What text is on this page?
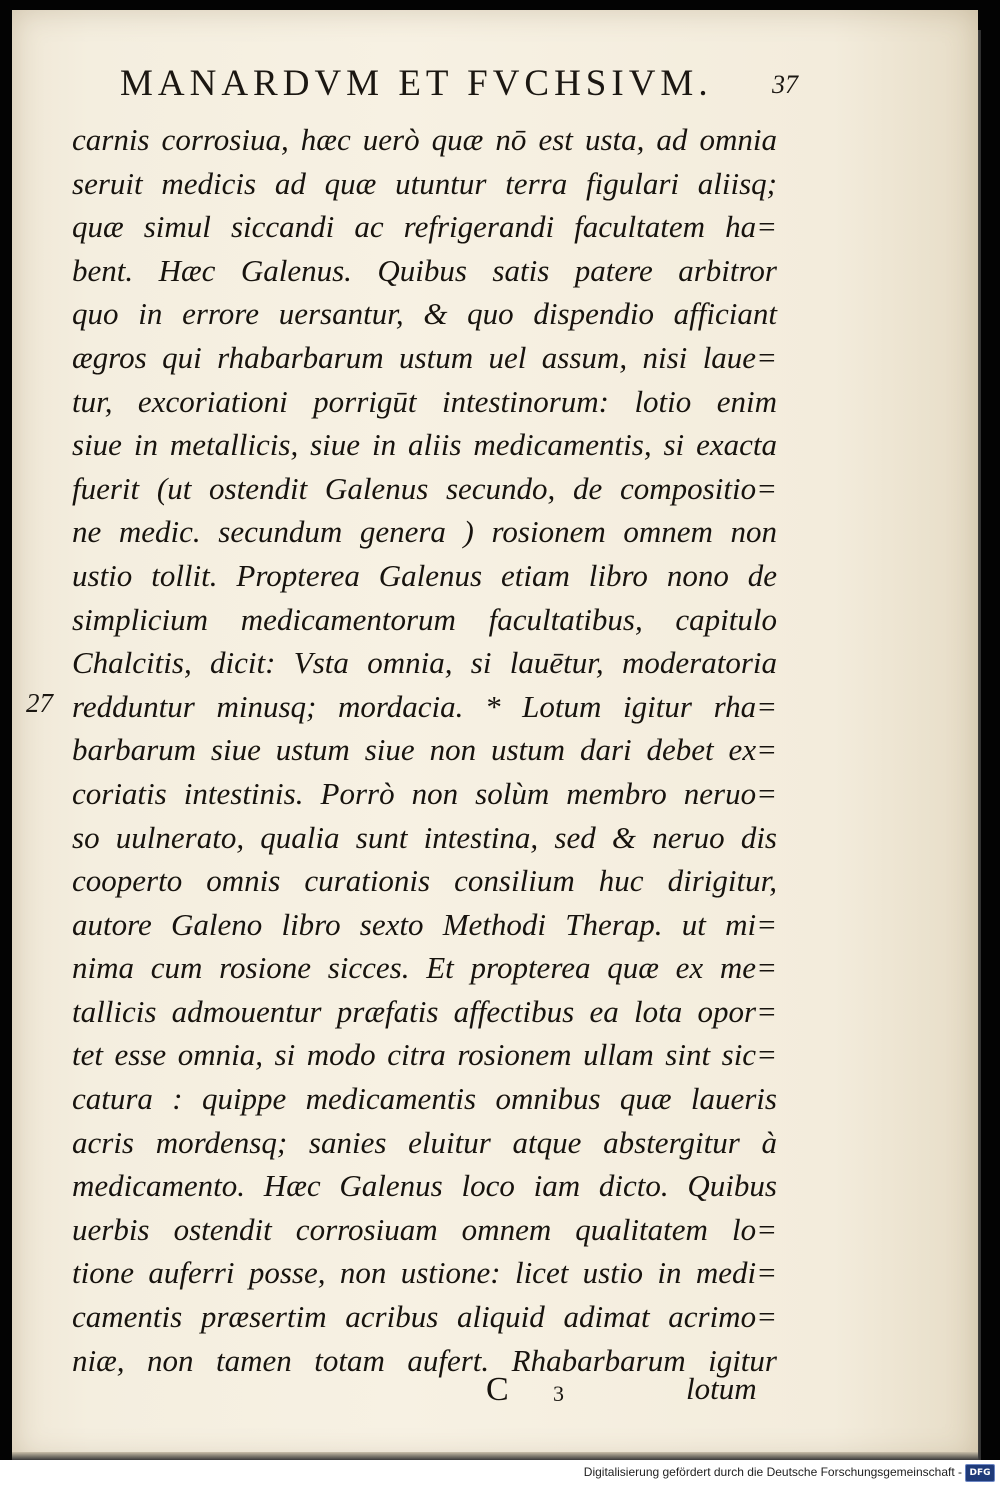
MANARDVM ET FVCHSIVM.	37
27
carnis corrosiua, hæc uerò quæ nō est usta, ad omnia
seruit medicis ad quæ utuntur terra figulari aliisq;
quæ simul siccandi ac refrigerandi facultatem ha=
bent. Hæc Galenus. Quibus satis patere arbitror
quo in errore uersantur, & quo dispendio afficiant
ægros qui rhabarbarum ustum uel assum, nisi laue=
tur, excoriationi porrigūt intestinorum: lotio enim
siue in metallicis, siue in aliis medicamentis, si exacta
fuerit (ut ostendit Galenus secundo, de compositio=
ne medic. secundum genera ) rosionem omnem non
ustio tollit. Propterea Galenus etiam libro nono de
simplicium medicamentorum facultatibus, capitulo
Chalcitis, dicit: Vsta omnia, si lauētur, moderatoria
redduntur minusq; mordacia. * Lotum igitur rha=
barbarum siue ustum siue non ustum dari debet ex=
coriatis intestinis. Porrò non solùm membro neruo=
so uulnerato, qualia sunt intestina, sed & neruo dis
cooperto omnis curationis consilium huc dirigitur,
autore Galeno libro sexto Methodi Therap. ut mi=
nima cum rosione sicces. Et propterea quæ ex me=
tallicis admouentur præfatis affectibus ea lota opor=
tet esse omnia, si modo citra rosionem ullam sint sic=
catura : quippe medicamentis omnibus quæ laueris
acris mordensq; sanies eluitur atque abstergitur à
medicamento. Hæc Galenus loco iam dicto. Quibus
uerbis ostendit corrosiuam omnem qualitatem lo=
tione auferri posse, non ustione: licet ustio in medi=
camentis præsertim acribus aliquid adimat acrimo=
niæ, non tamen totam aufert. Rhabarbarum igitur
C 3	lotum
Digitalisierung gefördert durch die Deutsche Forschungsgemeinschaft - DFG
